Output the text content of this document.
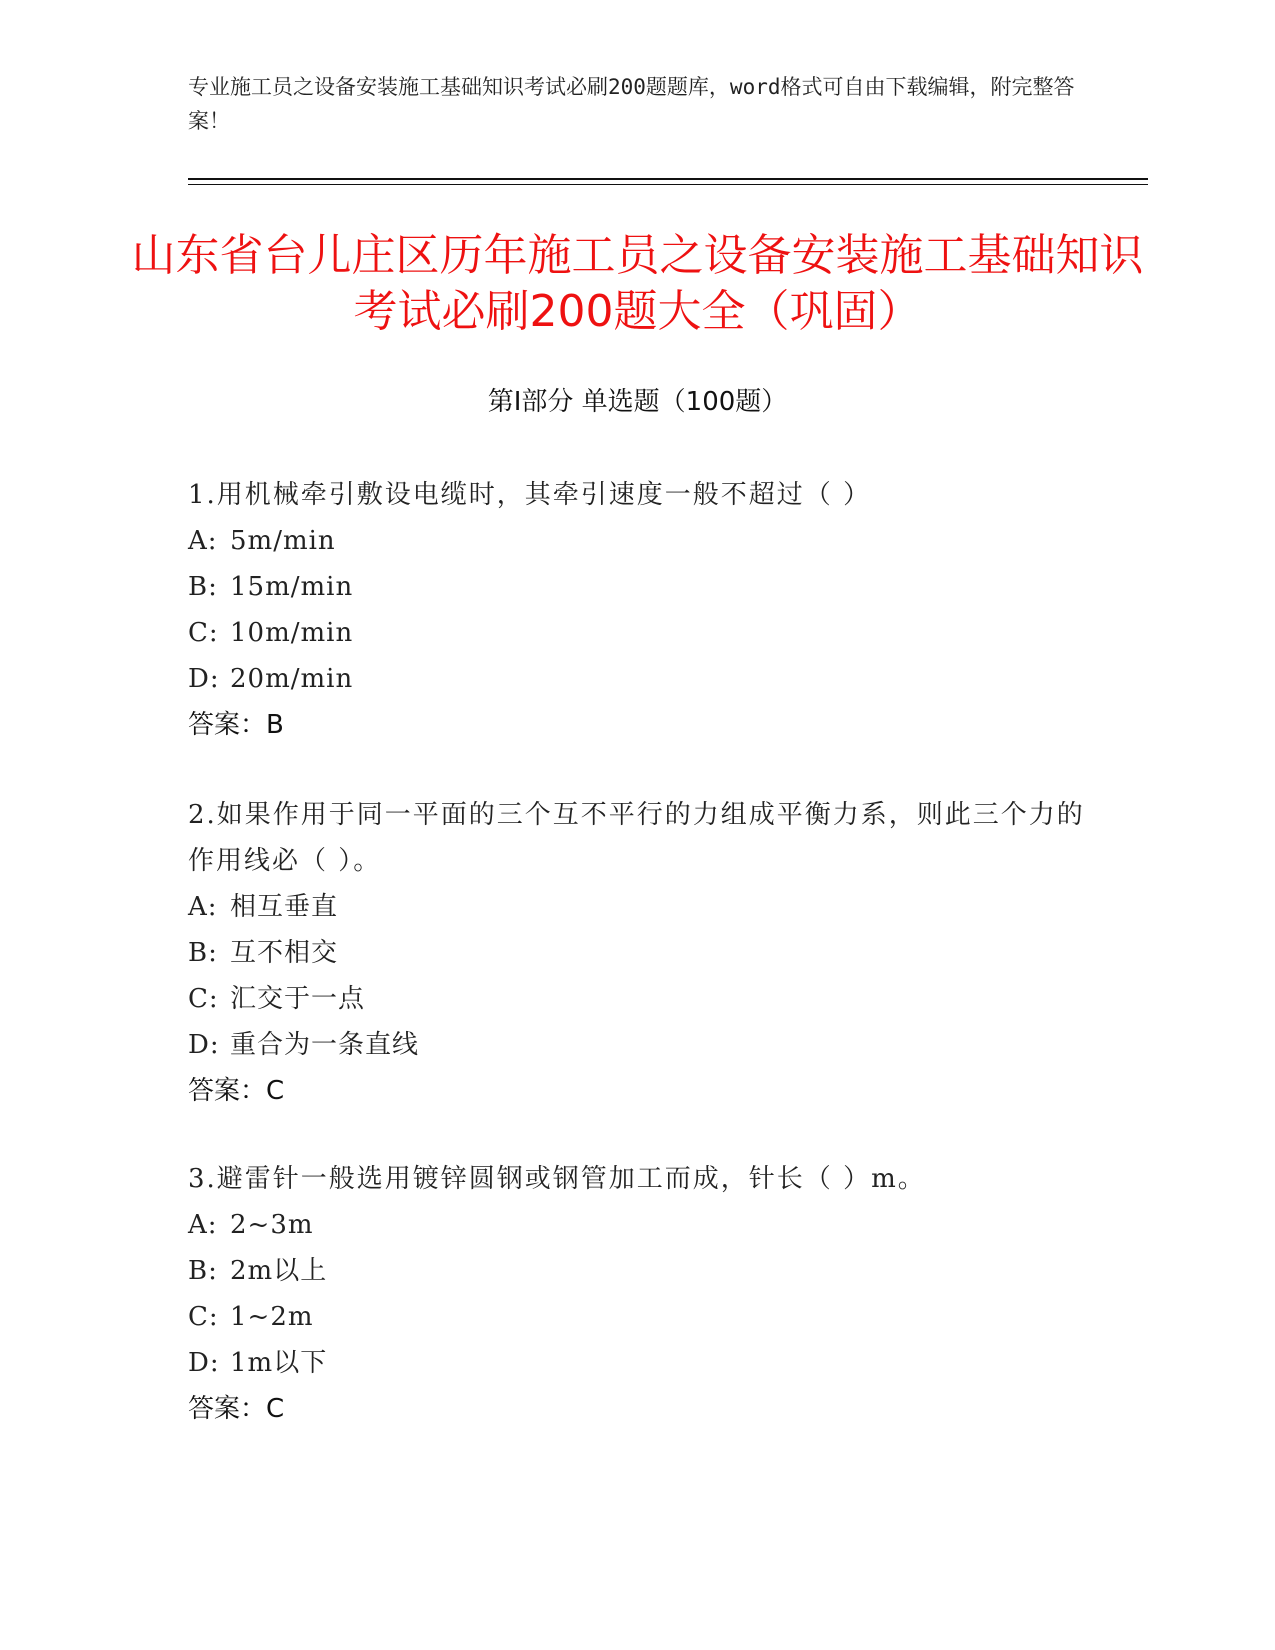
专业施工员之设备安装施工基础知识考试必刷200题题库，word格式可自由下载编辑，附完整答案！
山东省台儿庄区历年施工员之设备安装施工基础知识考试必刷200题大全（巩固）
第Ⅰ部分 单选题（100题）

1.用机械牵引敷设电缆时，其牵引速度一般不超过（ ）

A: 5m/min

B: 15m/min

C: 10m/min

D: 20m/min

答案：B

2.如果作用于同一平面的三个互不平行的力组成平衡力系，则此三个力的作用线必（ ）。

A: 相互垂直

B: 互不相交

C: 汇交于一点

D: 重合为一条直线

答案：C

3.避雷针一般选用镀锌圆钢或钢管加工而成，针长（ ）m。

A: 2~3m

B: 2m以上

C: 1~2m

D: 1m以下

答案：C
